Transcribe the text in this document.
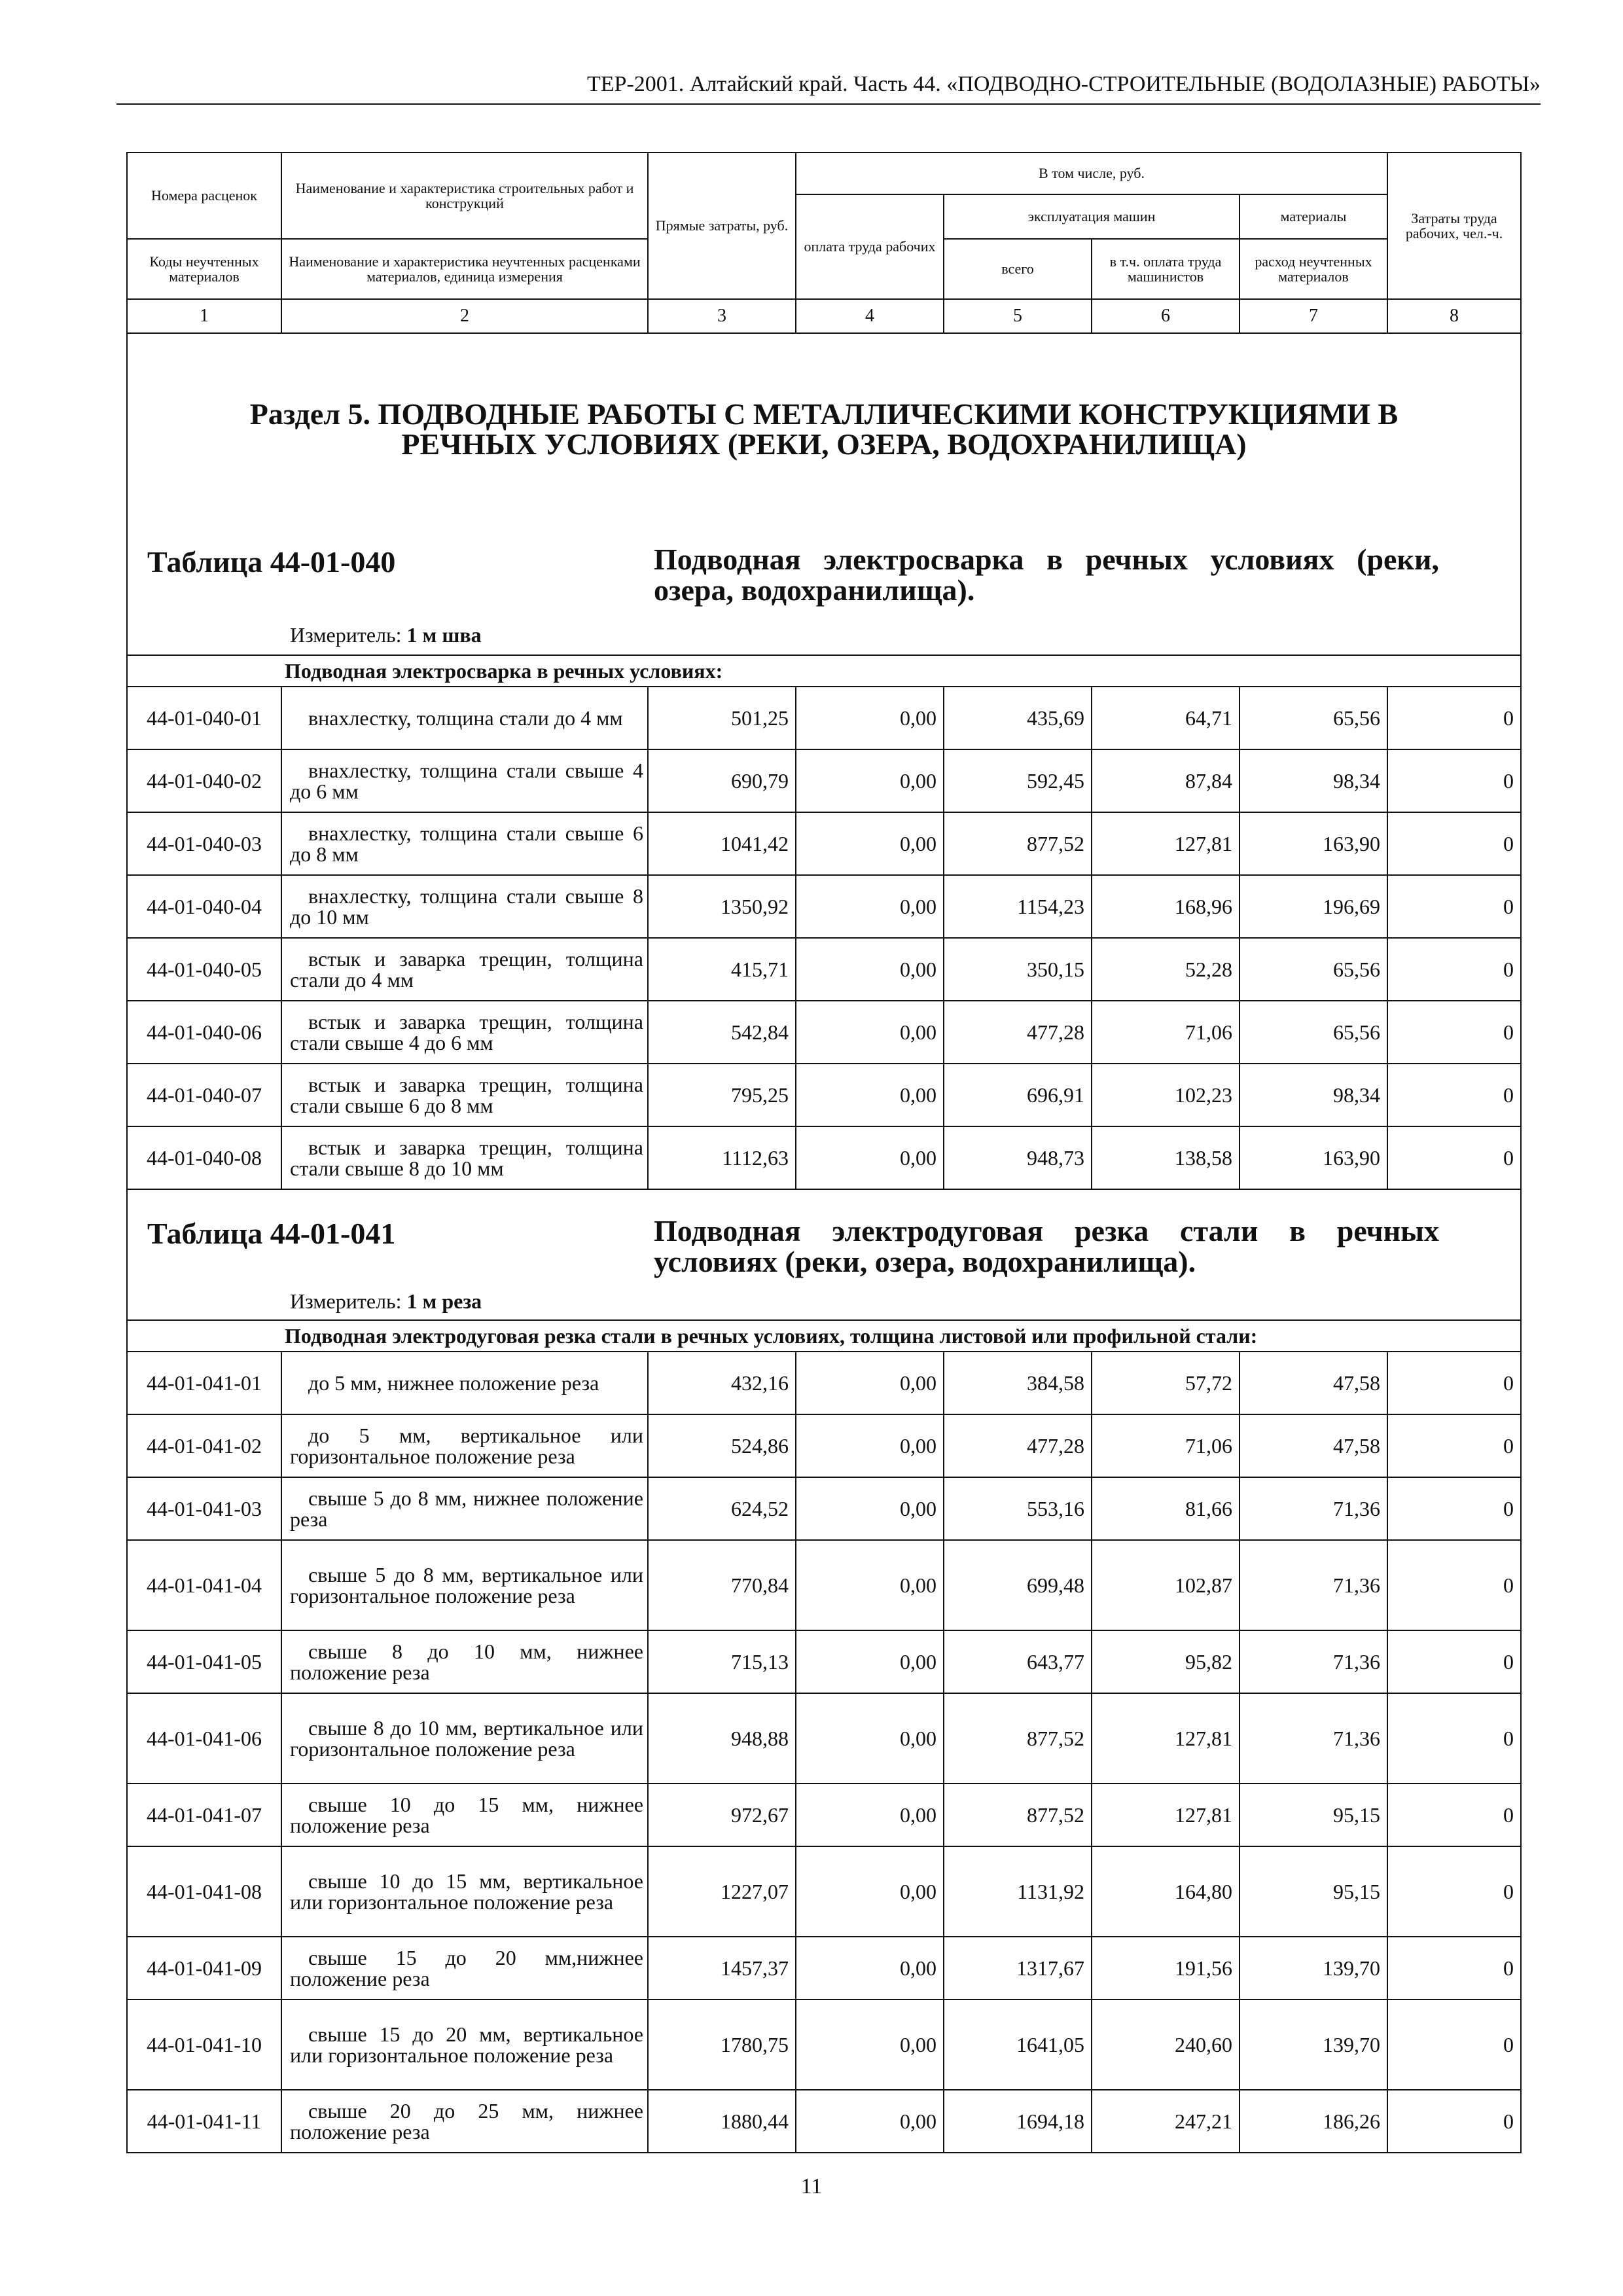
ТЕР-2001. Алтайский край. Часть 44. «ПОДВОДНО-СТРОИТЕЛЬНЫЕ (ВОДОЛАЗНЫЕ) РАБОТЫ»
Номера расценок	Наименование и характеристика строительных работ и конструкций	Прямые затраты, руб.	В том числе, руб.				Затраты труда рабочих, чел.-ч.
			оплата труда рабочих	эксплуатация машин		материалы	
Коды неучтенных материалов	Наименование и характеристика неучтенных расценками материалов, единица измерения			всего	в т.ч. оплата труда машинистов	расход неучтенных материалов	
1	2	3	4	5	6	7	8

Раздел 5. ПОДВОДНЫЕ РАБОТЫ С МЕТАЛЛИЧЕСКИМИ КОНСТРУКЦИЯМИ В
РЕЧНЫХ УСЛОВИЯХ (РЕКИ, ОЗЕРА, ВОДОХРАНИЛИЩА)
Таблица 44-01-040 Подводная электросварка в речных условиях (реки, озера, водохранилища).
Измеритель: 1 м шва							

Подводная электросварка в речных условиях:							
44-01-040-01	внахлестку, толщина стали до 4 мм	501,25	0,00	435,69	64,71	65,56	0
44-01-040-02	внахлестку, толщина стали свыше 4 до 6 мм	690,79	0,00	592,45	87,84	98,34	0
44-01-040-03	внахлестку, толщина стали свыше 6 до 8 мм	1041,42	0,00	877,52	127,81	163,90	0
44-01-040-04	внахлестку, толщина стали свыше 8 до 10 мм	1350,92	0,00	1154,23	168,96	196,69	0
44-01-040-05	встык и заварка трещин, толщина стали до 4 мм	415,71	0,00	350,15	52,28	65,56	0
44-01-040-06	встык и заварка трещин, толщина стали свыше 4 до 6 мм	542,84	0,00	477,28	71,06	65,56	0
44-01-040-07	встык и заварка трещин, толщина стали свыше 6 до 8 мм	795,25	0,00	696,91	102,23	98,34	0
44-01-040-08	встык и заварка трещин, толщина стали свыше 8 до 10 мм	1112,63	0,00	948,73	138,58	163,90	0

Таблица 44-01-041 Подводная электродуговая резка стали в речных условиях (реки, озера, водохранилища).
Измеритель: 1 м реза							

Подводная электродуговая резка стали в речных условиях, толщина листовой или профильной стали:							
44-01-041-01	до 5 мм, нижнее положение реза	432,16	0,00	384,58	57,72	47,58	0
44-01-041-02	до 5 мм, вертикальное или горизонтальное положение реза	524,86	0,00	477,28	71,06	47,58	0
44-01-041-03	свыше 5 до 8 мм, нижнее положение реза	624,52	0,00	553,16	81,66	71,36	0
44-01-041-04	свыше 5 до 8 мм, вертикальное или горизонтальное положение реза	770,84	0,00	699,48	102,87	71,36	0
44-01-041-05	свыше 8 до 10 мм, нижнее положение реза	715,13	0,00	643,77	95,82	71,36	0
44-01-041-06	свыше 8 до 10 мм, вертикальное или горизонтальное положение реза	948,88	0,00	877,52	127,81	71,36	0
44-01-041-07	свыше 10 до 15 мм, нижнее положение реза	972,67	0,00	877,52	127,81	95,15	0
44-01-041-08	свыше 10 до 15 мм, вертикальное или горизонтальное положение реза	1227,07	0,00	1131,92	164,80	95,15	0
44-01-041-09	свыше 15 до 20 мм,нижнее положение реза	1457,37	0,00	1317,67	191,56	139,70	0
44-01-041-10	свыше 15 до 20 мм, вертикальное или горизонтальное положение реза	1780,75	0,00	1641,05	240,60	139,70	0
44-01-041-11	свыше 20 до 25 мм, нижнее положение реза	1880,44	0,00	1694,18	247,21	186,26	0
11
